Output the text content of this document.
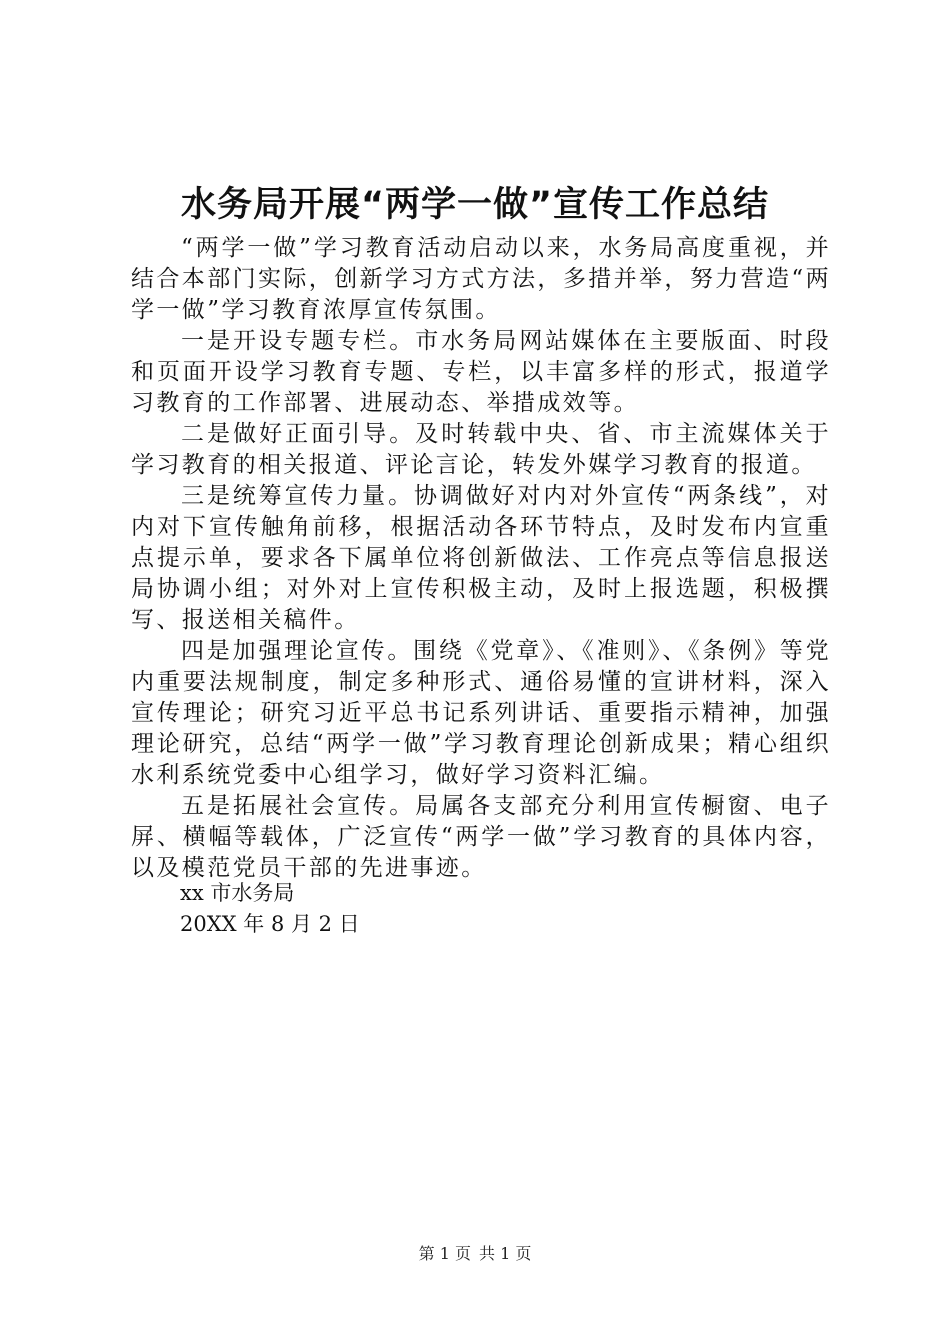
水务局开展“两学一做”宣传工作总结

“两学一做”学习教育活动启动以来，水务局高度重视，并结合本部门实际，创新学习方式方法，多措并举，努力营造“两学一做”学习教育浓厚宣传氛围。

一是开设专题专栏。市水务局网站媒体在主要版面、时段和页面开设学习教育专题、专栏，以丰富多样的形式，报道学习教育的工作部署、进展动态、举措成效等。

二是做好正面引导。及时转载中央、省、市主流媒体关于学习教育的相关报道、评论言论，转发外媒学习教育的报道。

三是统筹宣传力量。协调做好对内对外宣传“两条线”，对内对下宣传触角前移，根据活动各环节特点，及时发布内宣重点提示单，要求各下属单位将创新做法、工作亮点等信息报送局协调小组；对外对上宣传积极主动，及时上报选题，积极撰写、报送相关稿件。

四是加强理论宣传。围绕《党章》、《准则》、《条例》等党内重要法规制度，制定多种形式、通俗易懂的宣讲材料，深入宣传理论；研究习近平总书记系列讲话、重要指示精神，加强理论研究，总结“两学一做”学习教育理论创新成果；精心组织水利系统党委中心组学习，做好学习资料汇编。

五是拓展社会宣传。局属各支部充分利用宣传橱窗、电子屏、横幅等载体，广泛宣传“两学一做”学习教育的具体内容，以及模范党员干部的先进事迹。

xx 市水务局
20XX 年 8 月 2 日
第 1 页 共 1 页
